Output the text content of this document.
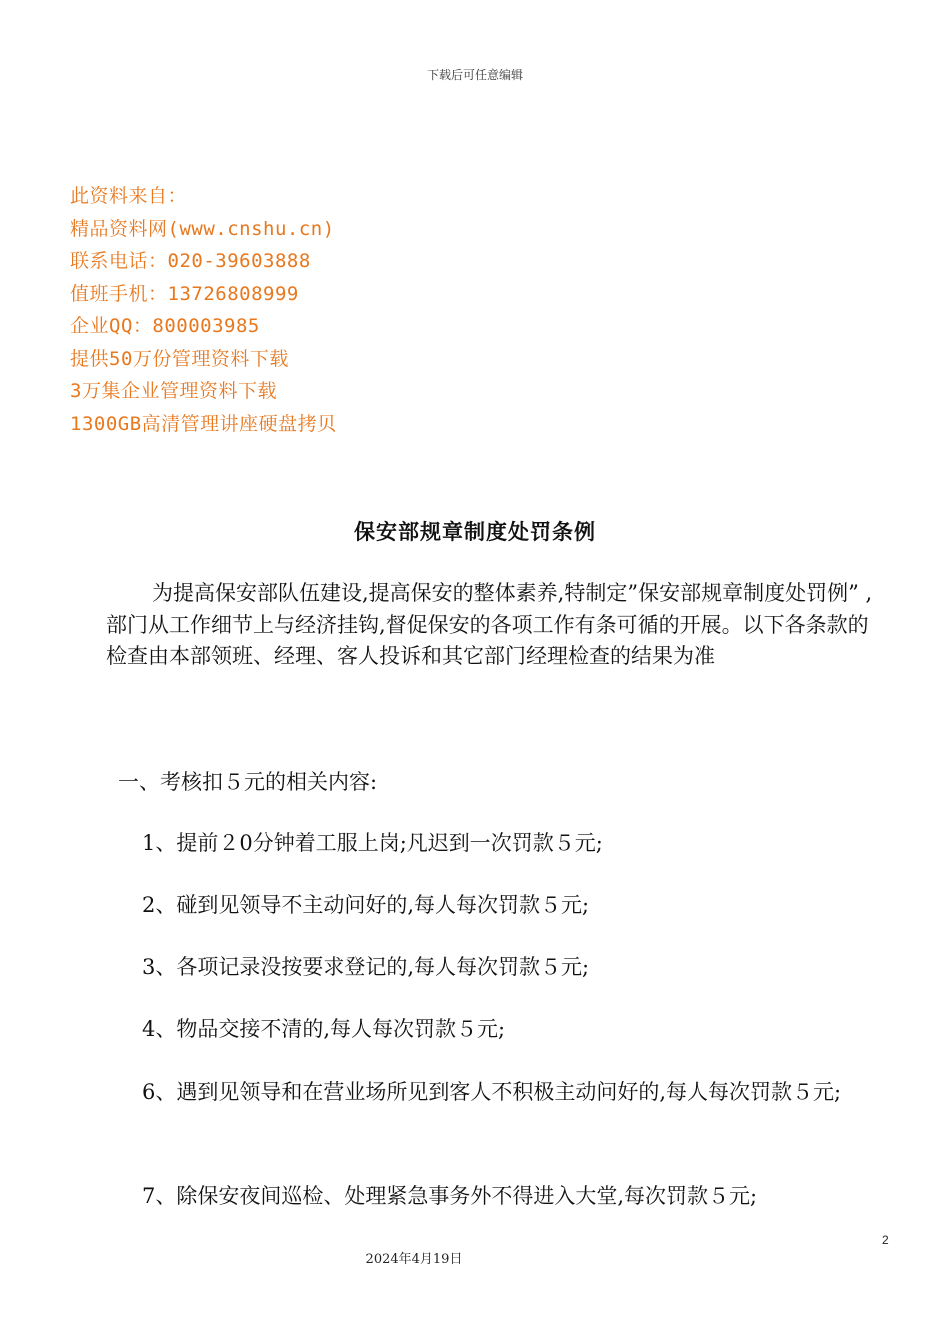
下载后可任意编辑
此资料来自：
精品资料网(www.cnshu.cn)
联系电话：020-39603888
值班手机：13726808999
企业QQ：800003985
提供50万份管理资料下载
3万集企业管理资料下载
1300GB高清管理讲座硬盘拷贝
保安部规章制度处罚条例

为提高保安部队伍建设,提高保安的整体素养,特制定”保安部规章制度处罚例” ,部门从工作细节上与经济挂钩,督促保安的各项工作有条可循的开展。以下各条款的检查由本部领班、经理、客人投诉和其它部门经理检查的结果为准

一、考核扣５元的相关内容:

1、提前２0分钟着工服上岗;凡迟到一次罚款５元;

2、碰到见领导不主动问好的,每人每次罚款５元;

3、各项记录没按要求登记的,每人每次罚款５元;

4、物品交接不清的,每人每次罚款５元;

6、遇到见领导和在营业场所见到客人不积极主动问好的,每人每次罚款５元;

7、除保安夜间巡检、处理紧急事务外不得进入大堂,每次罚款５元;

2
2024年4月19日
